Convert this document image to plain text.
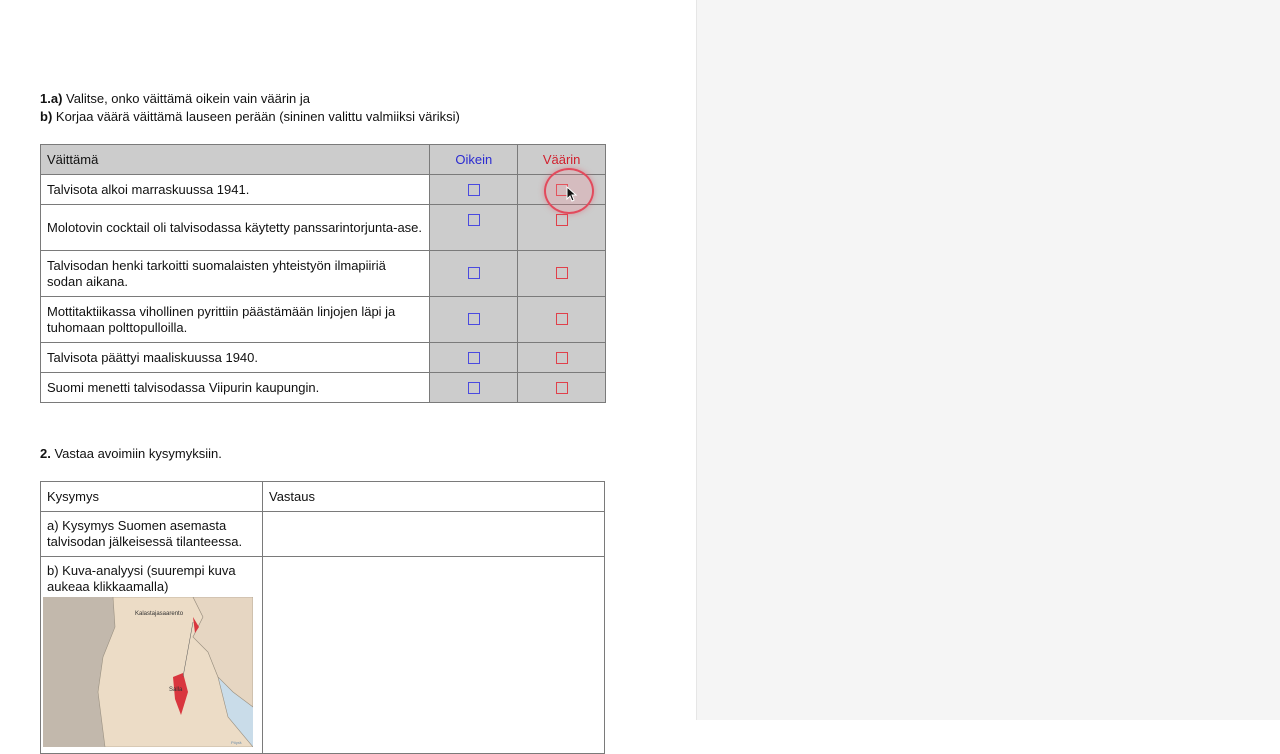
1.a) Valitse, onko väittämä oikein vain väärin ja
b) Korjaa väärä väittämä lauseen perään (sininen valittu valmiiksi väriksi)
Väittämä	Oikein	Väärin
Talvisota alkoi marraskuussa 1941.		
Molotovin cocktail oli talvisodassa käytetty panssarintorjunta-ase.		
Talvisodan henki tarkoitti suomalaisten yhteistyön ilmapiiriä sodan aikana.		
Mottitaktiikassa vihollinen pyrittiin päästämään linjojen läpi ja tuhomaan polttopulloilla.		
Talvisota päättyi maaliskuussa 1940.		
Suomi menetti talvisodassa Viipurin kaupungin.		
2. Vastaa avoimiin kysymyksiin.
Kysymys	Vastaus
a) Kysymys Suomen asemasta talvisodan jälkeisessä tilanteessa.	

b) Kuva-analyysi (suurempi kuva aukeaa klikkaamalla)
Kalastajasaarento
Salla
Pöyrä	
